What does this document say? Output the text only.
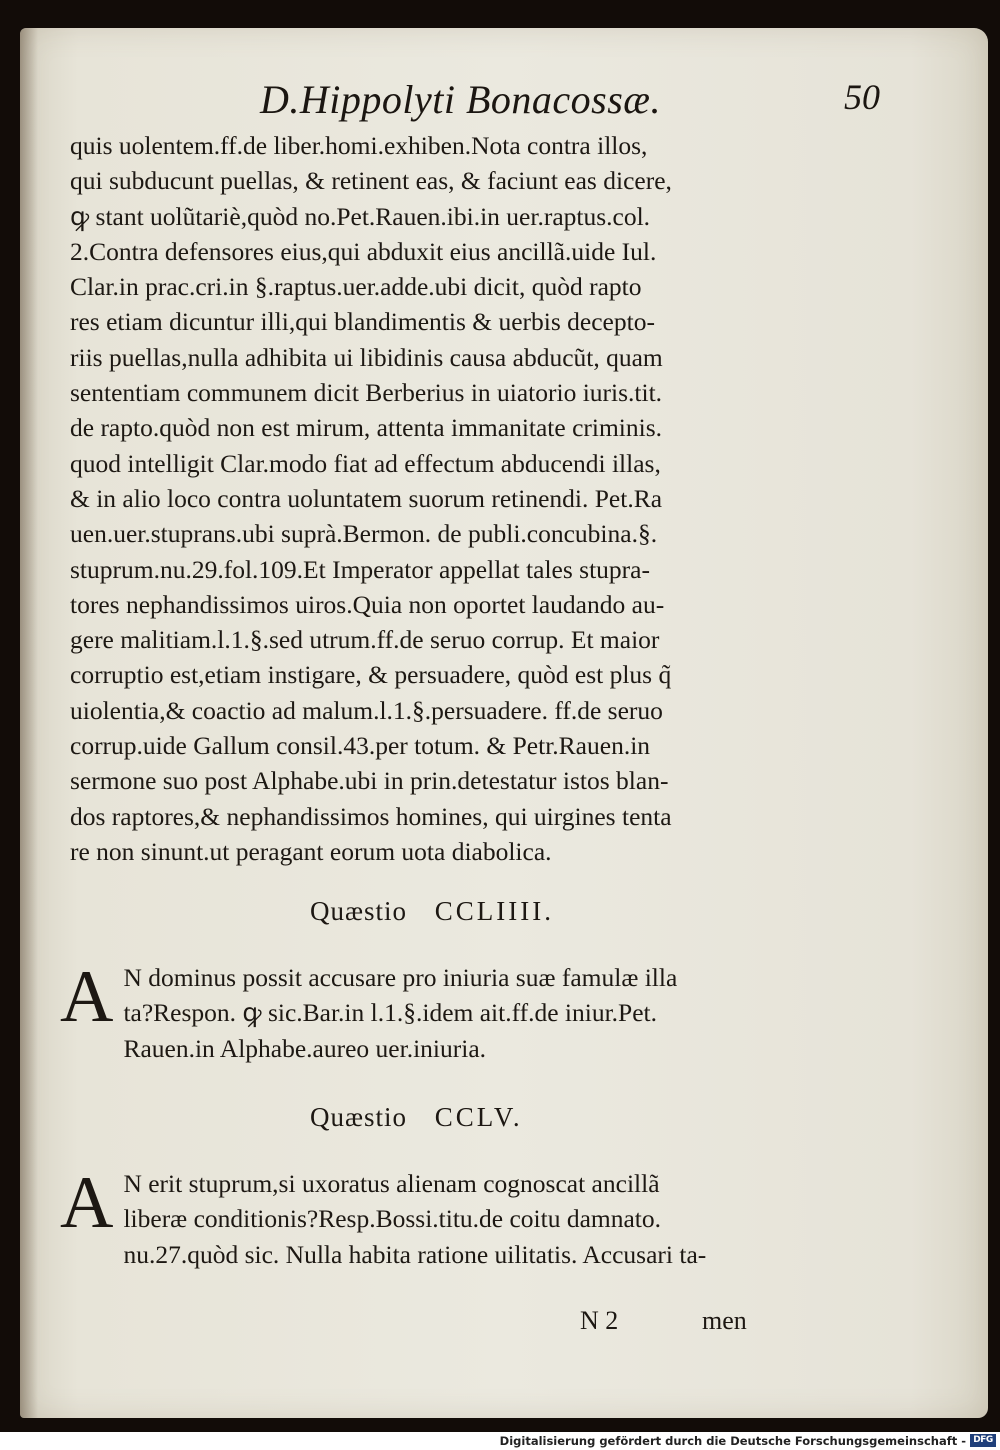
D.Hippolyti Bonacossæ.	50
quis uolentem.ff.de liber.homi.exhiben.Nota contra illos,
qui subducunt puellas, & retinent eas, & faciunt eas dicere,
ꝙ stant uolũtariè,quòd no.Pet.Rauen.ibi.in uer.raptus.col.
2.Contra defensores eius,qui abduxit eius ancillã.uide Iul.
Clar.in prac.cri.in §.raptus.uer.adde.ubi dicit, quòd rapto
res etiam dicuntur illi,qui blandimentis & uerbis decepto-
riis puellas,nulla adhibita ui libidinis causa abducũt, quam
sententiam communem dicit Berberius in uiatorio iuris.tit.
de rapto.quòd non est mirum, attenta immanitate criminis.
quod intelligit Clar.modo fiat ad effectum abducendi illas,
& in alio loco contra uoluntatem suorum retinendi. Pet.Ra
uen.uer.stuprans.ubi suprà.Bermon. de publi.concubina.§.
stuprum.nu.29.fol.109.Et Imperator appellat tales stupra-
tores nephandissimos uiros.Quia non oportet laudando au-
gere malitiam.l.1.§.sed utrum.ff.de seruo corrup. Et maior
corruptio est,etiam instigare, & persuadere, quòd est plus q̃
uiolentia,& coactio ad malum.l.1.§.persuadere. ff.de seruo
corrup.uide Gallum consil.43.per totum. & Petr.Rauen.in
sermone suo post Alphabe.ubi in prin.detestatur istos blan-
dos raptores,& nephandissimos homines, qui uirgines tenta
re non sinunt.ut peragant eorum uota diabolica.
Quæstio CCLIIII.
A N dominus possit accusare pro iniuria suæ famulæ illa
ta?Respon. ꝙ sic.Bar.in l.1.§.idem ait.ff.de iniur.Pet.
Rauen.in Alphabe.aureo uer.iniuria.
Quæstio CCLV.
A N erit stuprum,si uxoratus alienam cognoscat ancillã
liberæ conditionis?Resp.Bossi.titu.de coitu damnato.
nu.27.quòd sic. Nulla habita ratione uilitatis. Accusari ta-
N 2	men
Digitalisierung gefördert durch die Deutsche Forschungsgemeinschaft - DFG
